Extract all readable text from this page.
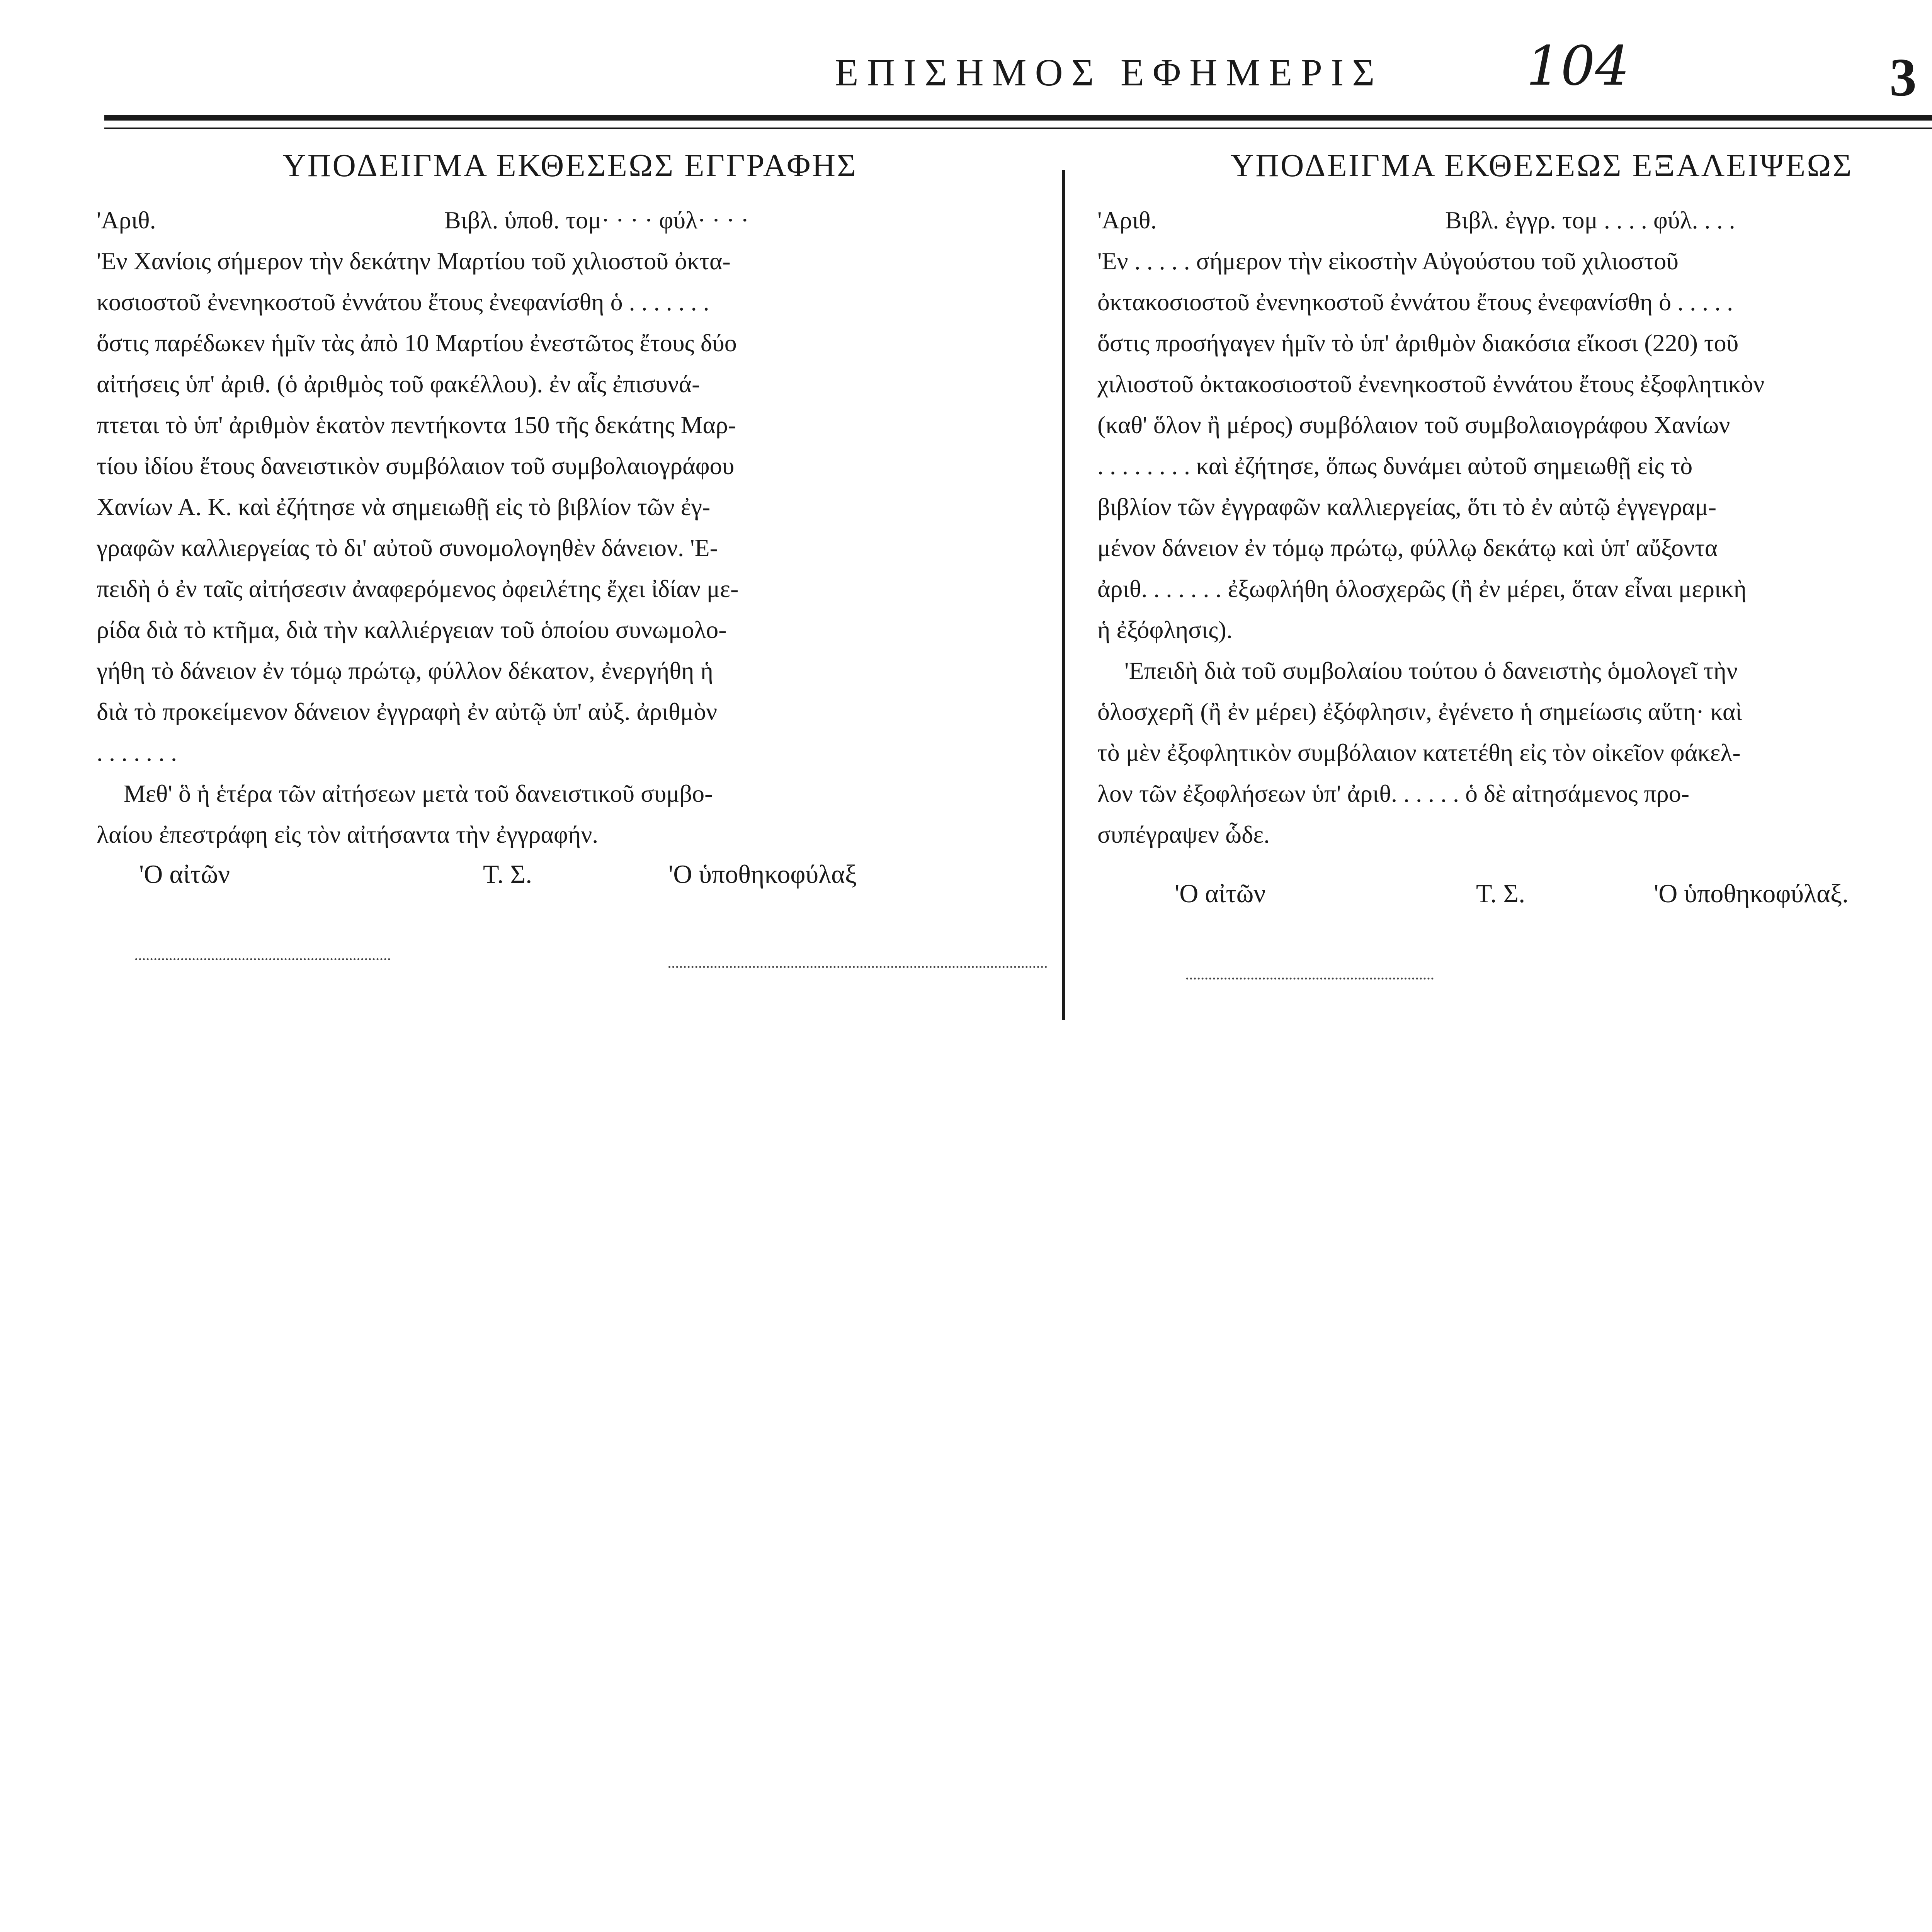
ΕΠΙΣΗΜΟΣ ΕΦΗΜΕΡΙΣ	104	3
ΥΠΟΔΕΙΓΜΑ ΕΚΘΕΣΕΩΣ ΕΓΓΡΑΦΗΣ
'Αριθ.	Βιβλ. ὑποθ. τομ· · · · φύλ· · · ·

'Εν Χανίοις σήμερον τὴν δεκάτην Μαρτίου τοῦ χιλιοστοῦ ὀκτα-

κοσιοστοῦ ἐνενηκοστοῦ ἐννάτου ἔτους ἐνεφανίσθη ὁ . . . . . . .

ὅστις παρέδωκεν ἡμῖν τὰς ἀπὸ 10 Μαρτίου ἐνεστῶτος ἔτους δύο

αἰτήσεις ὑπ' ἀριθ. (ὁ ἀριθμὸς τοῦ φακέλλου). ἐν αἷς ἐπισυνά-

πτεται τὸ ὑπ' ἀριθμὸν ἑκατὸν πεντήκοντα 150 τῆς δεκάτης Μαρ-

τίου ἰδίου ἔτους δανειστικὸν συμβόλαιον τοῦ συμβολαιογράφου

Χανίων Α. Κ. καὶ ἐζήτησε νὰ σημειωθῇ εἰς τὸ βιβλίον τῶν ἐγ-

γραφῶν καλλιεργείας τὸ δι' αὐτοῦ συνομολογηθὲν δάνειον. 'Ε-

πειδὴ ὁ ἐν ταῖς αἰτήσεσιν ἀναφερόμενος ὀφειλέτης ἔχει ἰδίαν με-

ρίδα διὰ τὸ κτῆμα, διὰ τὴν καλλιέργειαν τοῦ ὁποίου συνωμολο-

γήθη τὸ δάνειον ἐν τόμῳ πρώτῳ, φύλλον δέκατον, ἐνεργήθη ἡ

διὰ τὸ προκείμενον δάνειον ἐγγραφὴ ἐν αὐτῷ ὑπ' αὐξ. ἀριθμὸν

. . . . . . .

Μεθ' ὃ ἡ ἑτέρα τῶν αἰτήσεων μετὰ τοῦ δανειστικοῦ συμβο-

λαίου ἐπεστράφη εἰς τὸν αἰτήσαντα τὴν ἐγγραφήν.

'Ο αἰτῶν	Τ. Σ.	'Ο ὑποθηκοφύλαξ
ΥΠΟΔΕΙΓΜΑ ΕΚΘΕΣΕΩΣ ΕΞΑΛΕΙΨΕΩΣ
'Αριθ.	Βιβλ. ἐγγρ. τομ . . . . φύλ. . . .

'Εν . . . . . σήμερον τὴν εἰκοστὴν Αὐγούστου τοῦ χιλιοστοῦ

ὀκτακοσιοστοῦ ἐνενηκοστοῦ ἐννάτου ἔτους ἐνεφανίσθη ὁ . . . . .

ὅστις προσήγαγεν ἡμῖν τὸ ὑπ' ἀριθμὸν διακόσια εἴκοσι (220) τοῦ

χιλιοστοῦ ὀκτακοσιοστοῦ ἐνενηκοστοῦ ἐννάτου ἔτους ἐξοφλητικὸν

(καθ' ὅλον ἢ μέρος) συμβόλαιον τοῦ συμβολαιογράφου Χανίων

. . . . . . . . καὶ ἐζήτησε, ὅπως δυνάμει αὐτοῦ σημειωθῇ εἰς τὸ

βιβλίον τῶν ἐγγραφῶν καλλιεργείας, ὅτι τὸ ἐν αὐτῷ ἐγγεγραμ-

μένον δάνειον ἐν τόμῳ πρώτῳ, φύλλῳ δεκάτῳ καὶ ὑπ' αὔξοντα

ἀριθ. . . . . . . ἐξωφλήθη ὁλοσχερῶς (ἢ ἐν μέρει, ὅταν εἶναι μερικὴ

ἡ ἐξόφλησις).

'Επειδὴ διὰ τοῦ συμβολαίου τούτου ὁ δανειστὴς ὁμολογεῖ τὴν

ὁλοσχερῆ (ἢ ἐν μέρει) ἐξόφλησιν, ἐγένετο ἡ σημείωσις αὕτη· καὶ

τὸ μὲν ἐξοφλητικὸν συμβόλαιον κατετέθη εἰς τὸν οἰκεῖον φάκελ-

λον τῶν ἐξοφλήσεων ὑπ' ἀριθ. . . . . . ὁ δὲ αἰτησάμενος προ-

συπέγραψεν ὧδε.

'Ο αἰτῶν	Τ. Σ.	'Ο ὑποθηκοφύλαξ.
